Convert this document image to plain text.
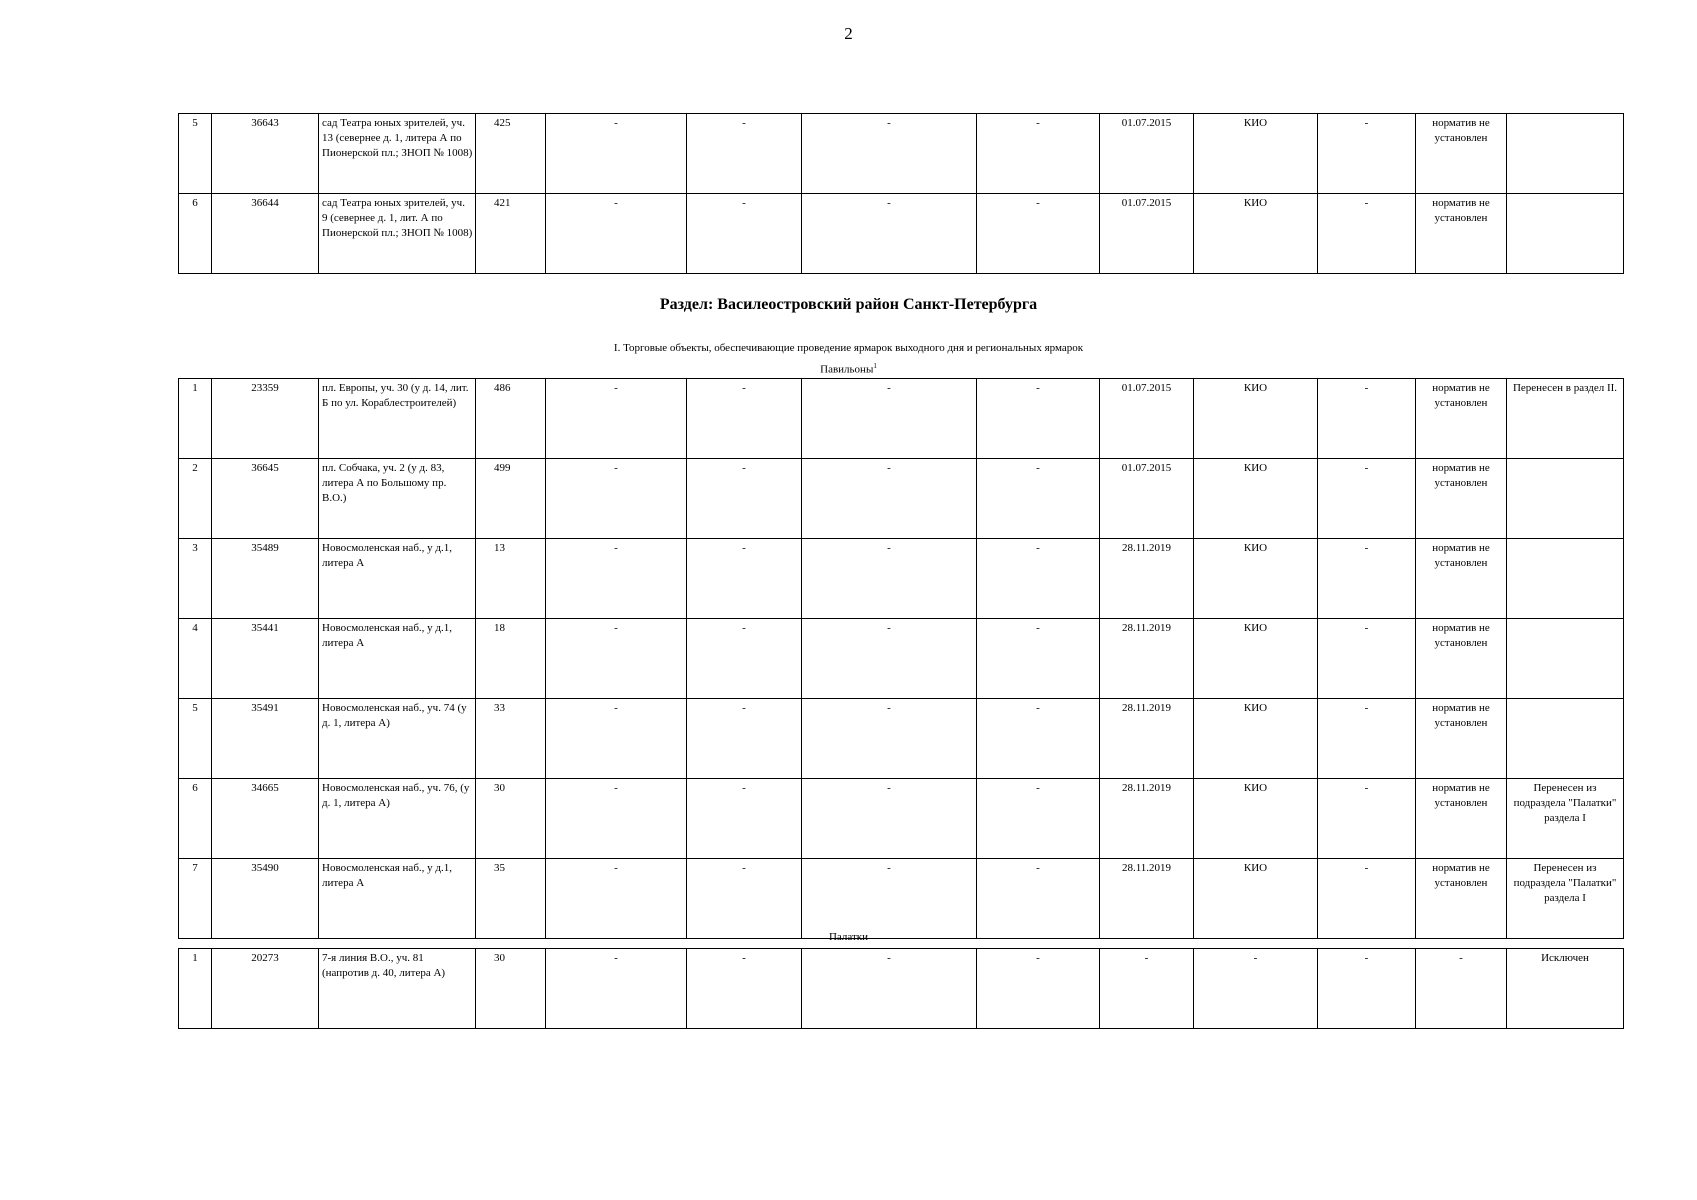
2
5	36643	сад Театра юных зрителей, уч. 13 (севернее д. 1, литера А по Пионерской пл.; ЗНОП № 1008)	425	-	-	-	-	01.07.2015	КИО	-	норматив не установлен	
6	36644	сад Театра юных зрителей, уч. 9 (севернее д. 1, лит. А по Пионерской пл.; ЗНОП № 1008)	421	-	-	-	-	01.07.2015	КИО	-	норматив не установлен	
Раздел: Василеостровский район Санкт-Петербурга
I. Торговые объекты, обеспечивающие проведение ярмарок выходного дня и региональных ярмарок
Павильоны$^1$
1	23359	пл. Европы, уч. 30 (у д. 14, лит. Б по ул. Кораблестроителей)	486	-	-	-	-	01.07.2015	КИО	-	норматив не установлен	Перенесен в раздел II.
2	36645	пл. Собчака, уч. 2 (у д. 83, литера А по Большому пр. В.О.)	499	-	-	-	-	01.07.2015	КИО	-	норматив не установлен	
3	35489	Новосмоленская наб., у д.1, литера А	13	-	-	-	-	28.11.2019	КИО	-	норматив не установлен	
4	35441	Новосмоленская наб., у д.1, литера А	18	-	-	-	-	28.11.2019	КИО	-	норматив не установлен	
5	35491	Новосмоленская наб., уч. 74 (у д. 1, литера А)	33	-	-	-	-	28.11.2019	КИО	-	норматив не установлен	
6	34665	Новосмоленская наб., уч. 76, (у д. 1, литера А)	30	-	-	-	-	28.11.2019	КИО	-	норматив не установлен	Перенесен из подраздела "Палатки" раздела I
7	35490	Новосмоленская наб., у д.1, литера А	35	-	-	-	-	28.11.2019	КИО	-	норматив не установлен	Перенесен из подраздела "Палатки" раздела I
Палатки
1	20273	7-я линия В.О., уч. 81 (напротив д. 40, литера А)	30	-	-	-	-	-	-	-	-	Исключен
